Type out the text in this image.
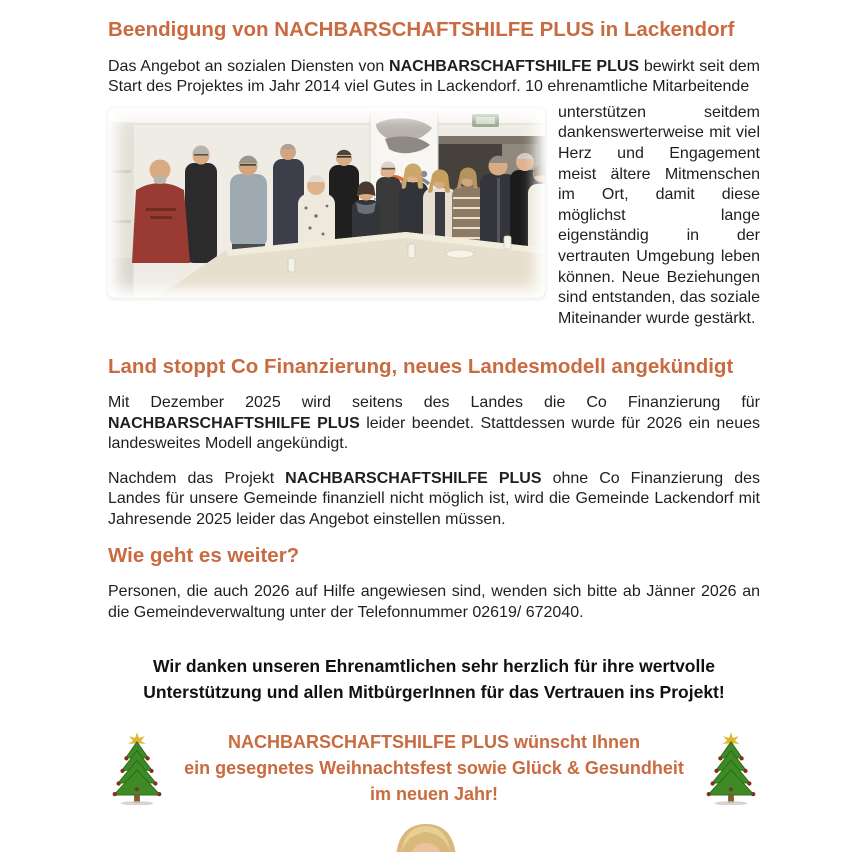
Beendigung von NACHBARSCHAFTSHILFE PLUS in Lackendorf

Das Angebot an sozialen Diensten von NACHBARSCHAFTSHILFE PLUS bewirkt seit dem Start des Projektes im Jahr 2014 viel Gutes in Lackendorf. 10 ehrenamtliche Mitarbeitende

unterstützen seitdem dankenswerterweise mit viel Herz und Engagement meist ältere Mitmenschen im Ort, damit diese möglichst lange eigenständig in der vertrauten Umgebung leben können. Neue Beziehungen sind entstanden, das soziale Miteinander wurde gestärkt.
Land stoppt Co Finanzierung, neues Landesmodell angekündigt

Mit Dezember 2025 wird seitens des Landes die Co Finanzierung für NACHBARSCHAFTSHILFE PLUS leider beendet. Stattdessen wurde für 2026 ein neues landesweites Modell angekündigt.

Nachdem das Projekt NACHBARSCHAFTSHILFE PLUS ohne Co Finanzierung des Landes für unsere Gemeinde finanziell nicht möglich ist, wird die Gemeinde Lackendorf mit Jahresende 2025 leider das Angebot einstellen müssen.

Wie geht es weiter?

Personen, die auch 2026 auf Hilfe angewiesen sind, wenden sich bitte ab Jänner 2026 an die Gemeindeverwaltung unter der Telefonnummer 02619/ 672040.

Wir danken unseren Ehrenamtlichen sehr herzlich für ihre wertvolle Unterstützung und allen MitbürgerInnen für das Vertrauen ins Projekt!
NACHBARSCHAFTSHILFE PLUS wünscht Ihnen
ein gesegnetes Weihnachtsfest sowie Glück & Gesundheit
im neuen Jahr!
